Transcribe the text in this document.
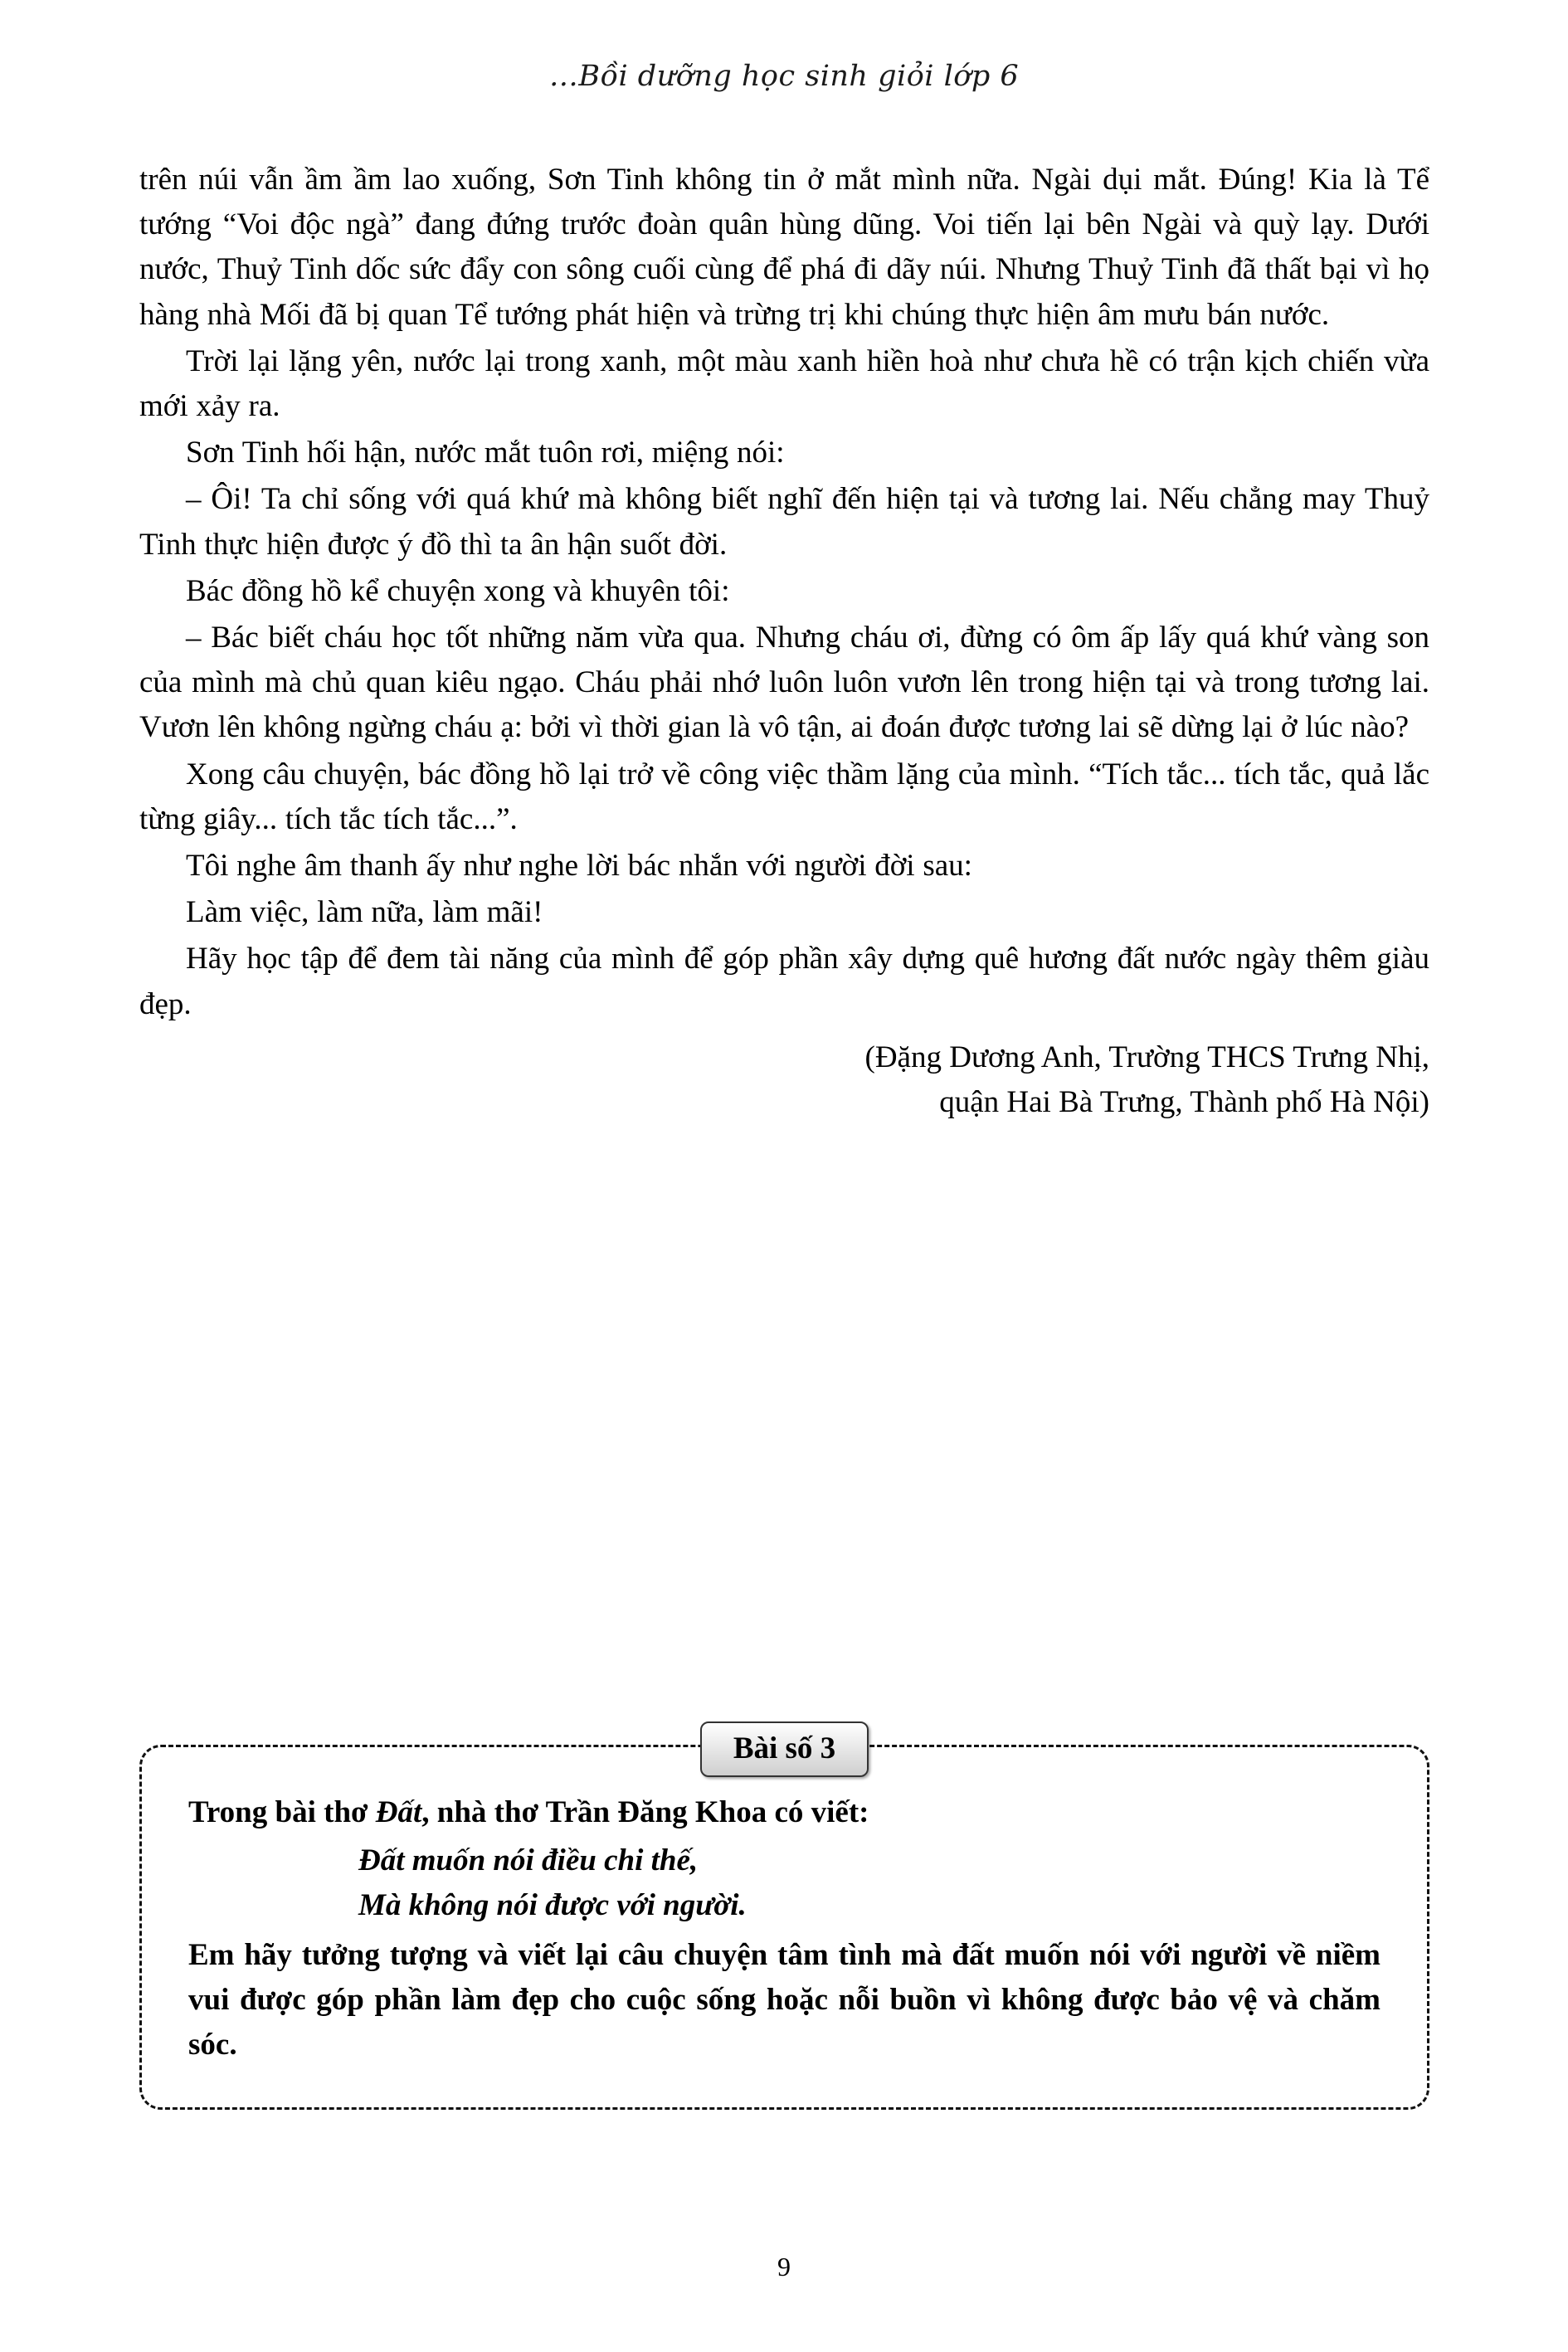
…Bồi dưỡng học sinh giỏi lớp 6

trên núi vẫn ầm ầm lao xuống, Sơn Tinh không tin ở mắt mình nữa. Ngài dụi mắt. Đúng! Kia là Tể tướng “Voi độc ngà” đang đứng trước đoàn quân hùng dũng. Voi tiến lại bên Ngài và quỳ lạy. Dưới nước, Thuỷ Tinh dốc sức đẩy con sông cuối cùng để phá đi dãy núi. Nhưng Thuỷ Tinh đã thất bại vì họ hàng nhà Mối đã bị quan Tể tướng phát hiện và trừng trị khi chúng thực hiện âm mưu bán nước.

Trời lại lặng yên, nước lại trong xanh, một màu xanh hiền hoà như chưa hề có trận kịch chiến vừa mới xảy ra.

Sơn Tinh hối hận, nước mắt tuôn rơi, miệng nói:

– Ôi! Ta chỉ sống với quá khứ mà không biết nghĩ đến hiện tại và tương lai. Nếu chẳng may Thuỷ Tinh thực hiện được ý đồ thì ta ân hận suốt đời.

Bác đồng hồ kể chuyện xong và khuyên tôi:

– Bác biết cháu học tốt những năm vừa qua. Nhưng cháu ơi, đừng có ôm ấp lấy quá khứ vàng son của mình mà chủ quan kiêu ngạo. Cháu phải nhớ luôn luôn vươn lên trong hiện tại và trong tương lai. Vươn lên không ngừng cháu ạ: bởi vì thời gian là vô tận, ai đoán được tương lai sẽ dừng lại ở lúc nào?

Xong câu chuyện, bác đồng hồ lại trở về công việc thầm lặng của mình. “Tích tắc... tích tắc, quả lắc từng giây... tích tắc tích tắc...”.

Tôi nghe âm thanh ấy như nghe lời bác nhắn với người đời sau:

Làm việc, làm nữa, làm mãi!

Hãy học tập để đem tài năng của mình để góp phần xây dựng quê hương đất nước ngày thêm giàu đẹp.

(Đặng Dương Anh, Trường THCS Trưng Nhị,
quận Hai Bà Trưng, Thành phố Hà Nội)
Bài số 3
Trong bài thơ Đất, nhà thơ Trần Đăng Khoa có viết:
Đất muốn nói điều chi thế,
Mà không nói được với người.
Em hãy tưởng tượng và viết lại câu chuyện tâm tình mà đất muốn nói với người về niềm vui được góp phần làm đẹp cho cuộc sống hoặc nỗi buồn vì không được bảo vệ và chăm sóc.
9
